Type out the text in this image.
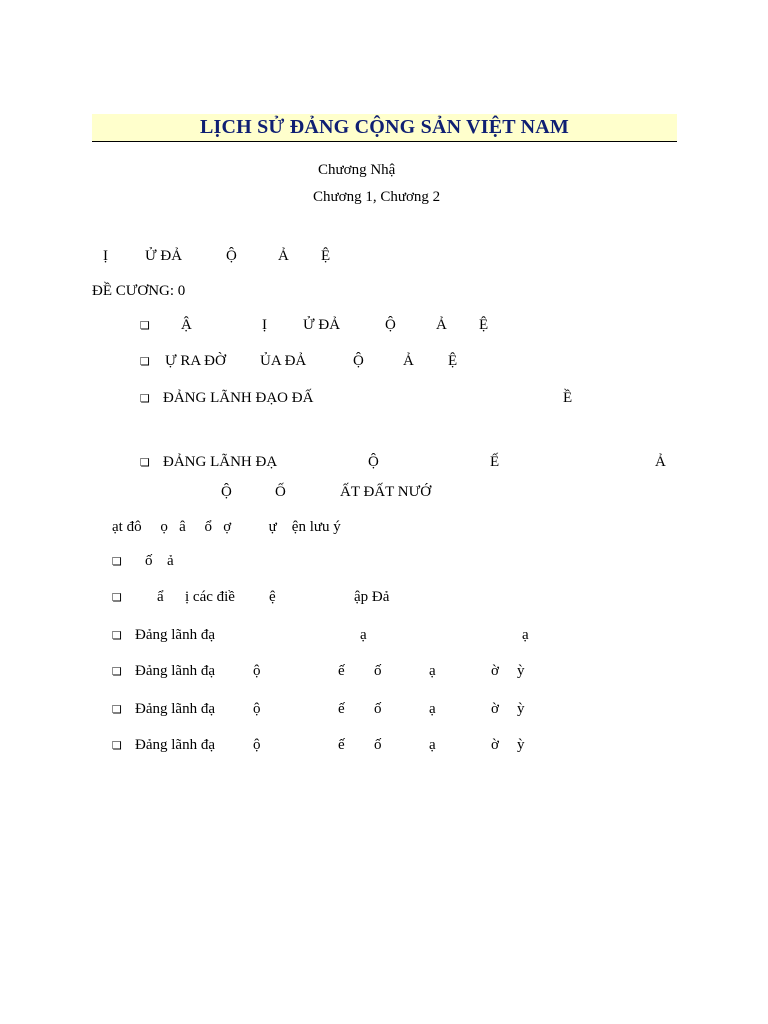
LỊCH SỬ ĐẢNG CỘNG SẢN VIỆT NAM
Chương Nhậ
Chương 1, Chương 2

Ị

Ử ĐẢ

	Ộ

	Ả

Ệ

ĐỀ CƯƠNG: 0
❏

Ậ

	Ị

Ử ĐẢ

	Ộ

	Ả

Ệ

❏

Ự RA ĐỜ

ỦA ĐẢ

	Ộ

	Ả

Ệ

❏

ĐẢNG LÃNH ĐẠO ĐẤ

	Ề

❏

ĐẢNG LÃNH ĐẠ

	Ộ

	Ế

	Ả

Ộ

	Ố

	ẤT ĐẤT NƯỚ

ạt đô     ọ   â     ổ   ợ          ự    ện lưu ý
❏

ố

ả

❏

ẩ

ị các điề

ệ

	ập Đả

❏

Đảng lãnh đạ

	ạ

	ạ

❏

Đảng lãnh đạ

	ộ

	ế

ố

	ạ

	ờ

ỳ

❏

Đảng lãnh đạ

	ộ

	ế

ố

	ạ

	ờ

ỳ

❏

Đảng lãnh đạ

	ộ

	ế

ố

	ạ

	ờ

ỳ
